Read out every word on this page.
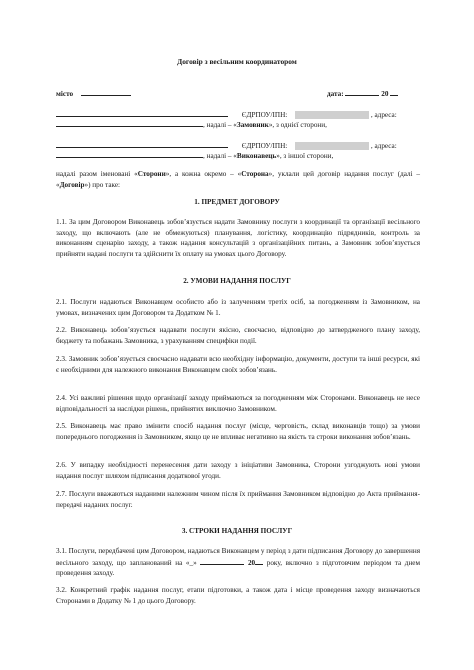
Договір з весільним координатором
місто	дата:	20
ЄДРПОУ/ІПН:	, адреса:
, надалі – «Замовник», з однієї сторони,
ЄДРПОУ/ІПН:	, адреса:
, надалі – «Виконавець», з іншої сторони,
надалі разом іменовані «Сторони», а кожна окремо – «Сторона», уклали цей договір надання послуг (далі – «Договір») про таке:
1. ПРЕДМЕТ ДОГОВОРУ
1.1. За цим Договором Виконавець зобов’язується надати Замовнику послуги з координації та організації весільного заходу, що включають (але не обмежуються) планування, логістику, координацію підрядників, контроль за виконанням сценарію заходу, а також надання консультацій з організаційних питань, а Замовник зобов’язується прийняти надані послуги та здійснити їх оплату на умовах цього Договору.
2. УМОВИ НАДАННЯ ПОСЛУГ
2.1. Послуги надаються Виконавцем особисто або із залученням третіх осіб, за погодженням із Замовником, на умовах, визначених цим Договором та Додатком № 1.
2.2. Виконавець зобов’язується надавати послуги якісно, своєчасно, відповідно до затвердженого плану заходу, бюджету та побажань Замовника, з урахуванням специфіки події.
2.3. Замовник зобов’язується своєчасно надавати всю необхідну інформацію, документи, доступи та інші ресурси, які є необхідними для належного виконання Виконавцем своїх зобов’язань.
2.4. Усі важливі рішення щодо організації заходу приймаються за погодженням між Сторонами. Виконавець не несе відповідальності за наслідки рішень, прийнятих виключно Замовником.
2.5. Виконавець має право змінити спосіб надання послуг (місце, черговість, склад виконавців тощо) за умови попереднього погодження із Замовником, якщо це не впливає негативно на якість та строки виконання зобов’язань.
2.6. У випадку необхідності перенесення дати заходу з ініціативи Замовника, Сторони узгоджують нові умови надання послуг шляхом підписання додаткової угоди.
2.7. Послуги вважаються наданими належним чином після їх приймання Замовником відповідно до Акта приймання-передачі наданих послуг.
3. СТРОКИ НАДАННЯ ПОСЛУГ
3.1. Послуги, передбачені цим Договором, надаються Виконавцем у період з дати підписання Договору до завершення весільного заходу, що запланований на «_»	20 року, включно з підготовчим періодом та днем проведення заходу.
3.2. Конкретний графік надання послуг, етапи підготовки, а також дата і місце проведення заходу визначаються Сторонами в Додатку № 1 до цього Договору.
